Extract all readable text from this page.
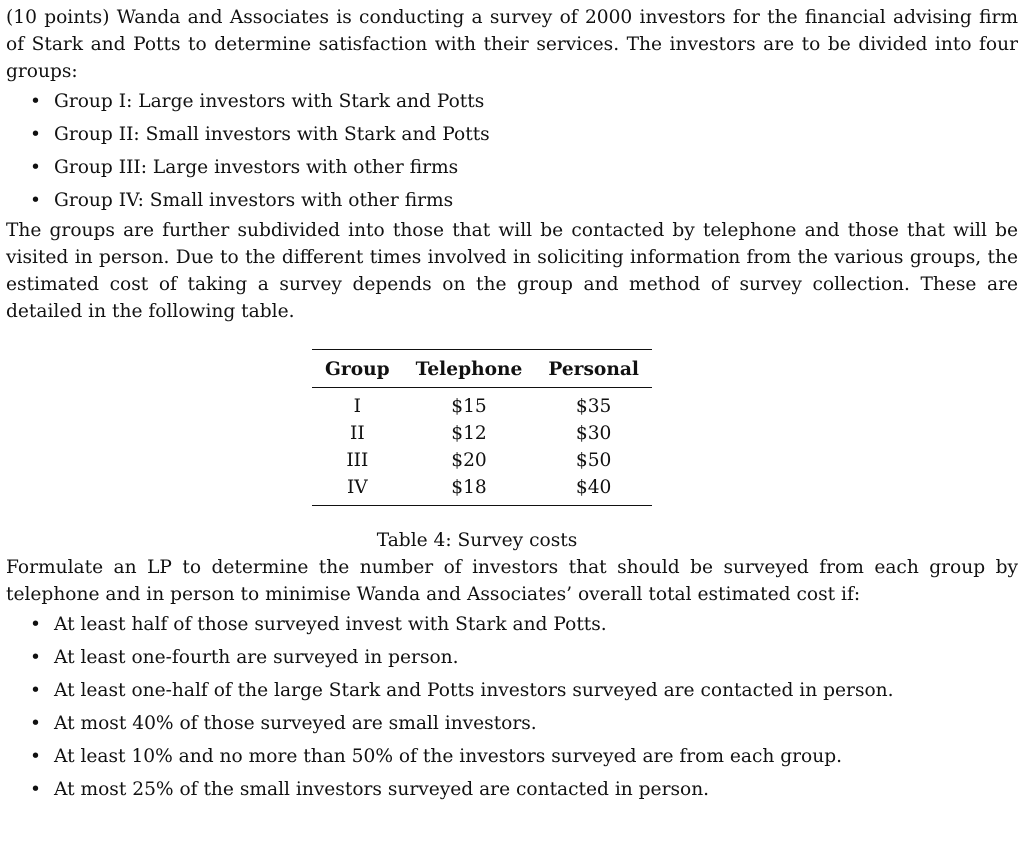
(10 points) Wanda and Associates is conducting a survey of 2000 investors for the financial advising firm of Stark and Potts to determine satisfaction with their services. The investors are to be divided into four groups:

• Group I: Large investors with Stark and Potts
• Group II: Small investors with Stark and Potts
• Group III: Large investors with other firms
• Group IV: Small investors with other firms

The groups are further subdivided into those that will be contacted by telephone and those that will be visited in person. Due to the different times involved in soliciting information from the various groups, the estimated cost of taking a survey depends on the group and method of survey collection. These are detailed in the following table.

Group	Telephone	Personal
I	$15	$35
II	$12	$30
III	$20	$50
IV	$18	$40
Table 4: Survey costs

Formulate an LP to determine the number of investors that should be surveyed from each group by telephone and in person to minimise Wanda and Associates’ overall total estimated cost if:

• At least half of those surveyed invest with Stark and Potts.
• At least one-fourth are surveyed in person.
• At least one-half of the large Stark and Potts investors surveyed are contacted in person.
• At most 40% of those surveyed are small investors.
• At least 10% and no more than 50% of the investors surveyed are from each group.
• At most 25% of the small investors surveyed are contacted in person.
